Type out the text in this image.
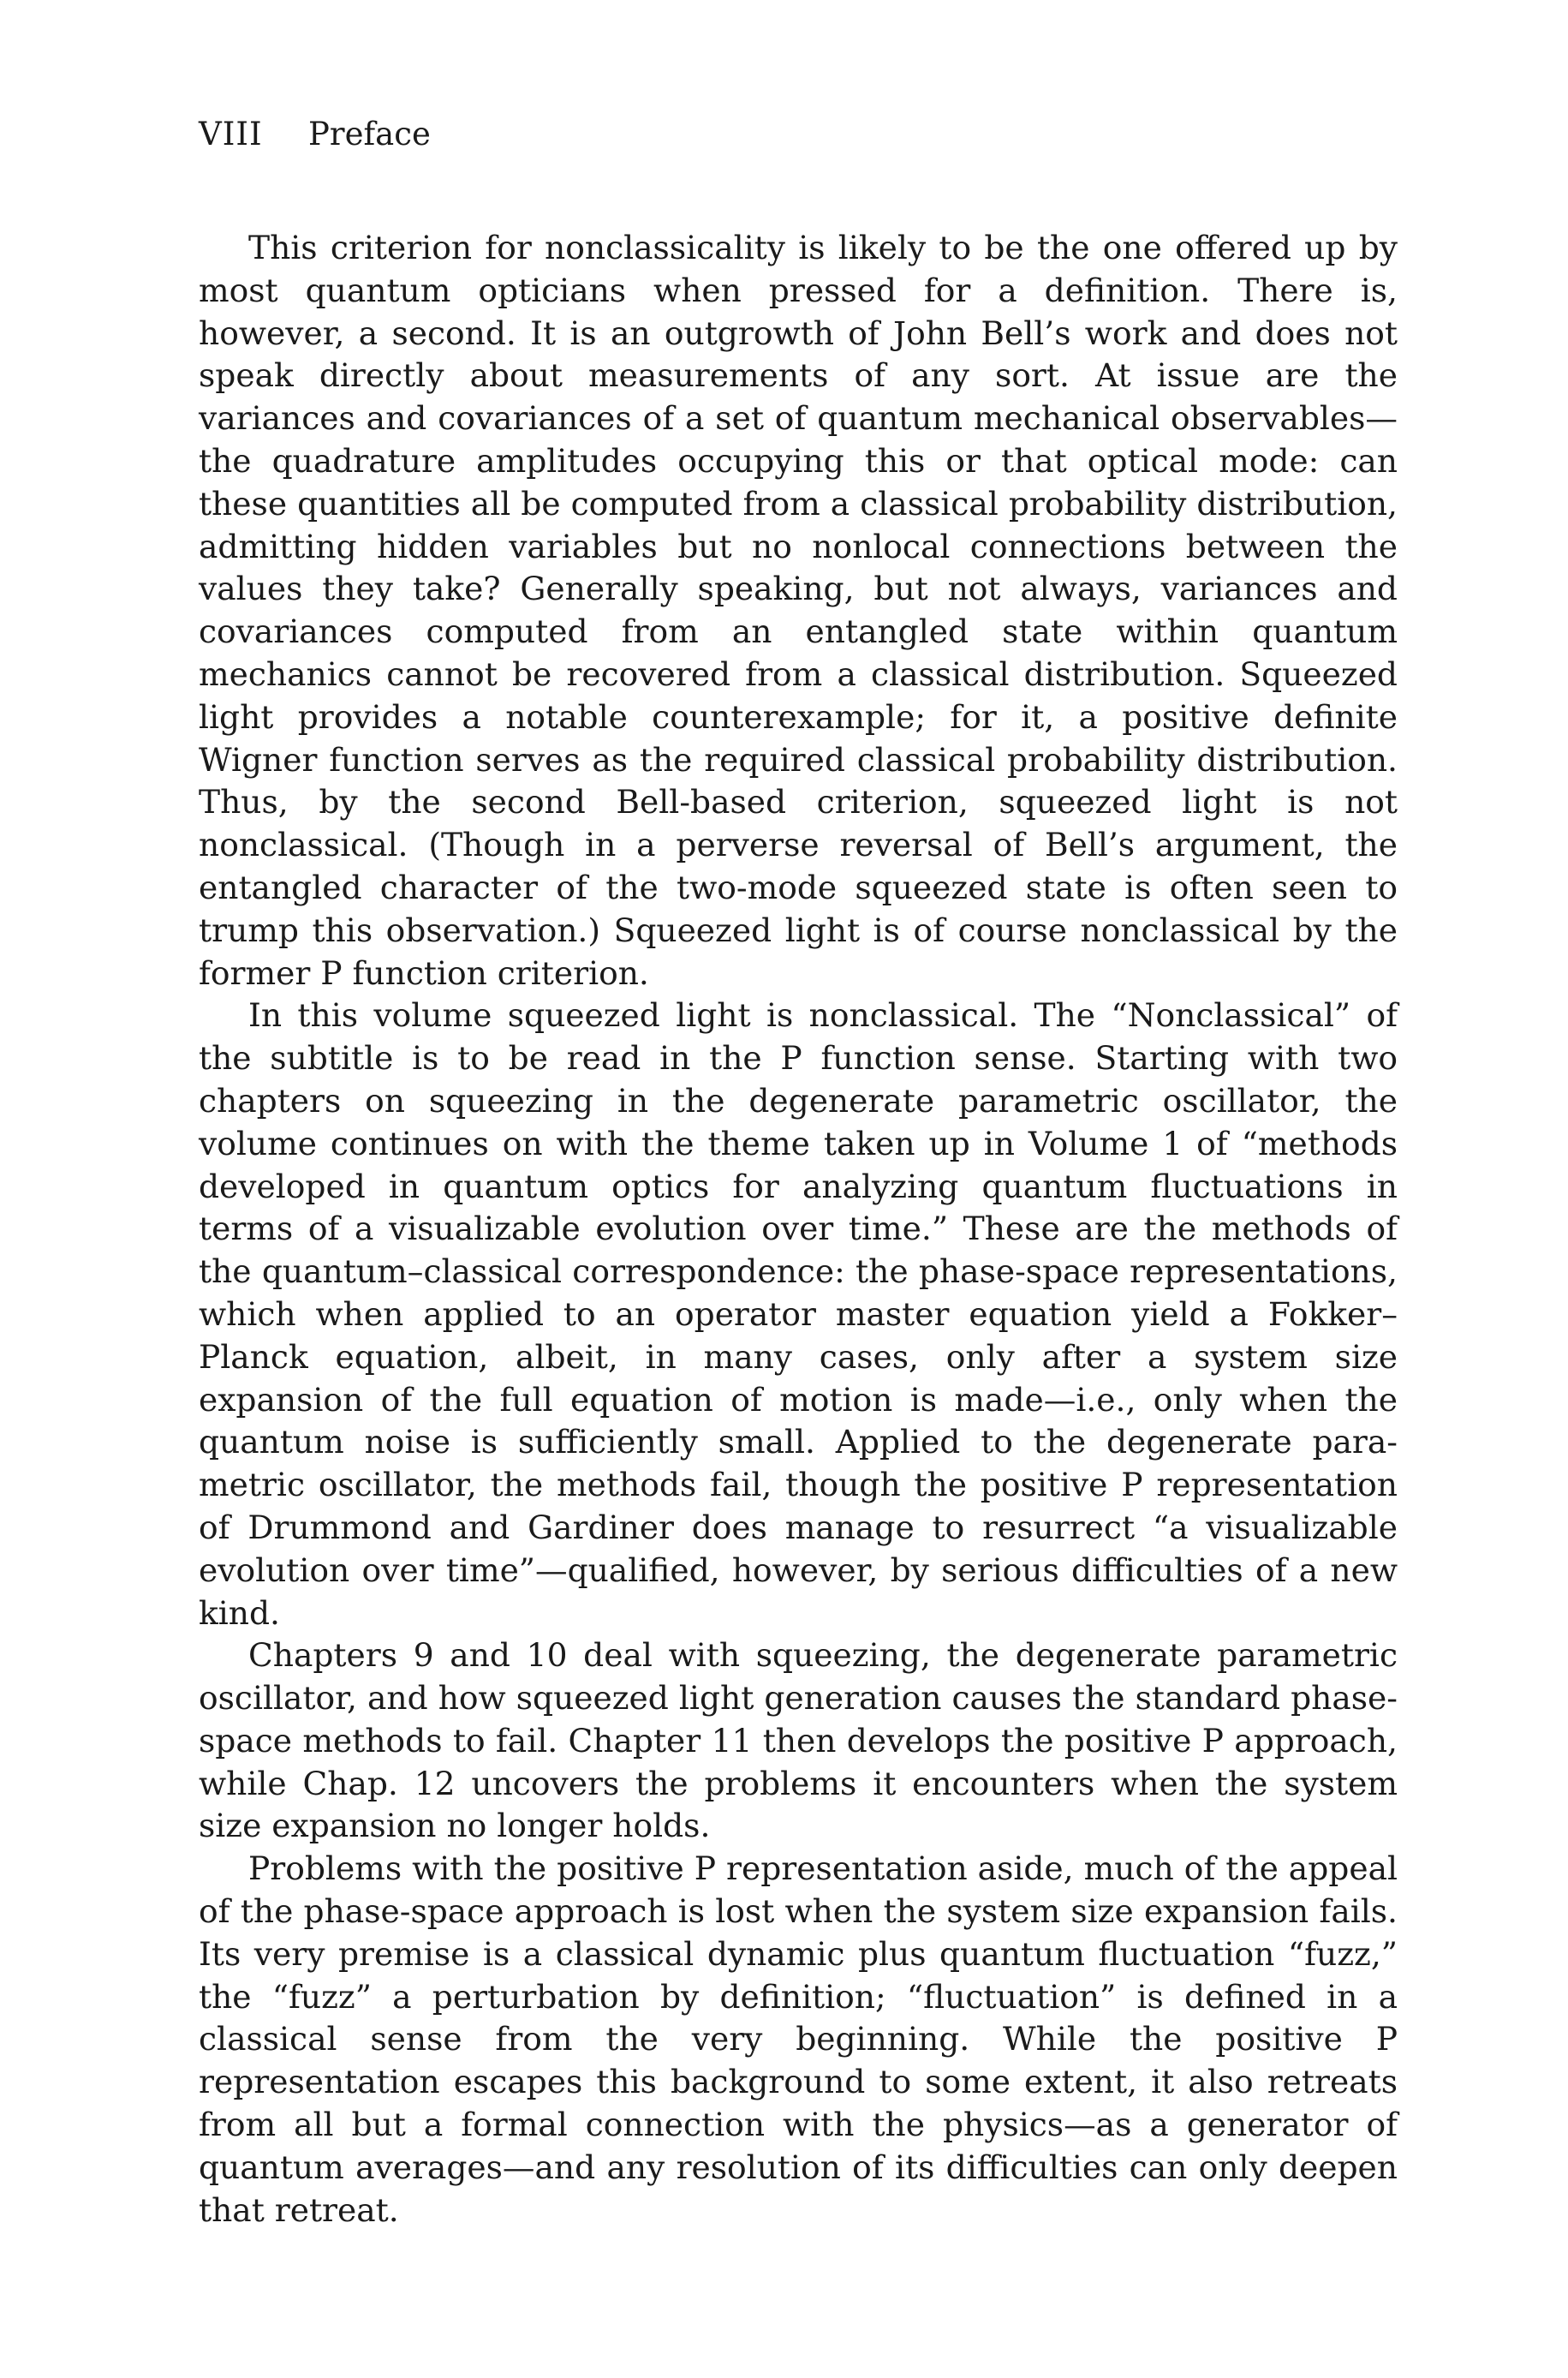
VIII Preface

This criterion for nonclassicality is likely to be the one offered up by most quantum opticians when pressed for a definition. There is, however, a second. It is an outgrowth of John Bell’s work and does not speak directly about measurements of any sort. At issue are the variances and covariances of a set of quantum mechanical observables—the quadrature amplitudes occupying this or that optical mode: can these quantities all be computed from a classical probability distribution, admitting hidden variables but no nonlocal connections between the values they take? Generally speaking, but not always, variances and covariances computed from an entangled state within quantum mechanics cannot be recovered from a classical distribution. Squeezed light provides a notable counterexample; for it, a positive definite Wigner function serves as the required classical probability distribution. Thus, by the second Bell-based criterion, squeezed light is not nonclassical. (Though in a perverse reversal of Bell’s argument, the entangled character of the two-mode squeezed state is often seen to trump this observation.) Squeezed light is of course nonclassical by the former P function criterion.

In this volume squeezed light is nonclassical. The “Nonclassical” of the subtitle is to be read in the P function sense. Starting with two chapters on squeezing in the degenerate parametric oscillator, the volume continues on with the theme taken up in Volume 1 of “methods developed in quantum optics for analyzing quantum fluctuations in terms of a visualizable evolution over time.” These are the methods of the quantum–classical correspondence: the phase-space representations, which when applied to an operator master equation yield a Fokker–Planck equation, albeit, in many cases, only after a system size expansion of the full equation of motion is made—i.e., only when the quantum noise is sufficiently small. Applied to the degenerate parametric oscillator, the methods fail, though the positive P representation of Drummond and Gardiner does manage to resurrect “a visualizable evolution over time”—qualified, however, by serious difficulties of a new kind.

Chapters 9 and 10 deal with squeezing, the degenerate parametric oscillator, and how squeezed light generation causes the standard phase-space methods to fail. Chapter 11 then develops the positive P approach, while Chap. 12 uncovers the problems it encounters when the system size expansion no longer holds.

Problems with the positive P representation aside, much of the appeal of the phase-space approach is lost when the system size expansion fails. Its very premise is a classical dynamic plus quantum fluctuation “fuzz,” the “fuzz” a perturbation by definition; “fluctuation” is defined in a classical sense from the very beginning. While the positive P representation escapes this background to some extent, it also retreats from all but a formal connection with the physics—as a generator of quantum averages—and any resolution of its difficulties can only deepen that retreat.
